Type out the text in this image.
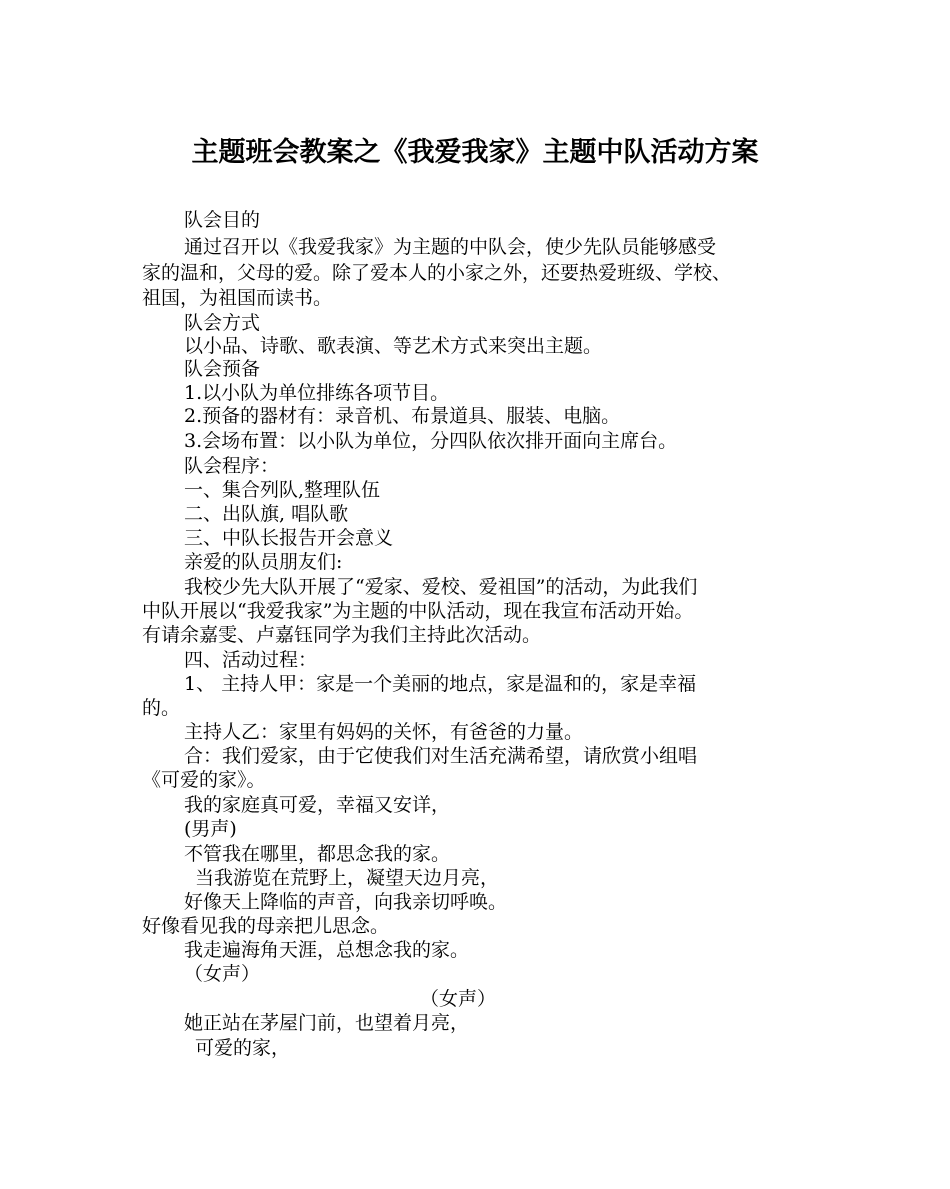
主题班会教案之《我爱我家》主题中队活动方案
队会目的
通过召开以《我爱我家》为主题的中队会，使少先队员能够感受
家的温和，父母的爱。除了爱本人的小家之外，还要热爱班级、学校、
祖国，为祖国而读书。
队会方式
以小品、诗歌、歌表演、等艺术方式来突出主题。
队会预备
1.以小队为单位排练各项节目。
2.预备的器材有：录音机、布景道具、服装、电脑。
3.会场布置：以小队为单位，分四队依次排开面向主席台。
队会程序：
一、集合列队,整理队伍
二、出队旗, 唱队歌
三、中队长报告开会意义
亲爱的队员朋友们:
我校少先大队开展了“爱家、爱校、爱祖国”的活动，为此我们
中队开展以“我爱我家”为主题的中队活动，现在我宣布活动开始。
有请余嘉雯、卢嘉钰同学为我们主持此次活动。
四、活动过程：
1、 主持人甲：家是一个美丽的地点，家是温和的，家是幸福
的。
主持人乙：家里有妈妈的关怀，有爸爸的力量。
合：我们爱家，由于它使我们对生活充满希望，请欣赏小组唱
《可爱的家》。
我的家庭真可爱，幸福又安详，
(男声)
不管我在哪里，都思念我的家。
当我游览在荒野上，凝望天边月亮，
好像天上降临的声音，向我亲切呼唤。
好像看见我的母亲把儿思念。
我走遍海角天涯，总想念我的家。
（女声）
（女声）
她正站在茅屋门前，也望着月亮，
可爱的家，
